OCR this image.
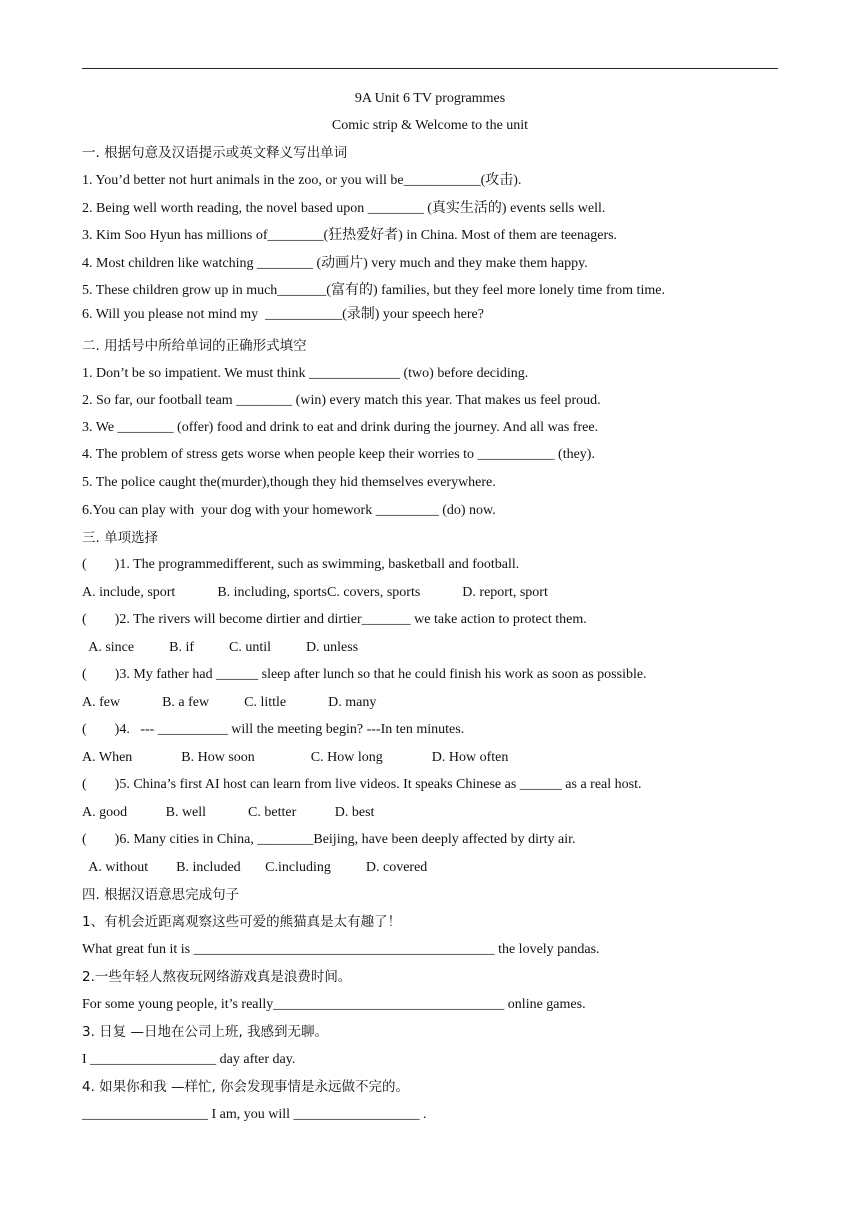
9A Unit 6 TV programmes
Comic strip & Welcome to the unit
一. 根据句意及汉语提示或英文释义写出单词
1. You’d better not hurt animals in the zoo, or you will be___________(攻击).
2. Being well worth reading, the novel based upon ________ (真实生活的) events sells well.
3. Kim Soo Hyun has millions of________(狂热爱好者) in China. Most of them are teenagers.
4. Most children like watching ________ (动画片) very much and they make them happy.
5. These children grow up in much_______(富有的) families, but they feel more lonely time from time.
6. Will you please not mind my  ___________(录制) your speech here?
二. 用括号中所给单词的正确形式填空
1. Don’t be so impatient. We must think _____________ (two) before deciding.
2. So far, our football team ________ (win) every match this year. That makes us feel proud.
3. We ________ (offer) food and drink to eat and drink during the journey. And all was free.
4. The problem of stress gets worse when people keep their worries to ___________ (they).
5. The police caught the(murder),though they hid themselves everywhere.
6.You can play with  your dog with your homework _________ (do) now.
三. 单项选择
(        )1. The programmedifferent, such as swimming, basketball and football.
A. include, sport            B. including, sportsC. covers, sports            D. report, sport
(        )2. The rivers will become dirtier and dirtier_______ we take action to protect them.
A. since          B. if          C. until          D. unless
(        )3. My father had ______ sleep after lunch so that he could finish his work as soon as possible.
A. few            B. a few          C. little            D. many
(        )4.   --- __________ will the meeting begin? ---In ten minutes.
A. When              B. How soon                C. How long              D. How often
(        )5. China’s first AI host can learn from live videos. It speaks Chinese as ______ as a real host.
A. good           B. well            C. better           D. best
(        )6. Many cities in China, ________Beijing, have been deeply affected by dirty air.
A. without        B. included       C.including          D. covered
四. 根据汉语意思完成句子
1、有机会近距离观察这些可爱的熊猫真是太有趣了！
What great fun it is ___________________________________________ the lovely pandas.
2.一些年轻人熬夜玩网络游戏真是浪费时间。
For some young people, it’s really_________________________________ online games.
3. 日复 —日地在公司上班, 我感到无聊。
I __________________ day after day.
4. 如果你和我 —样忙, 你会发现事情是永远做不完的。
__________________ I am, you will __________________ .
